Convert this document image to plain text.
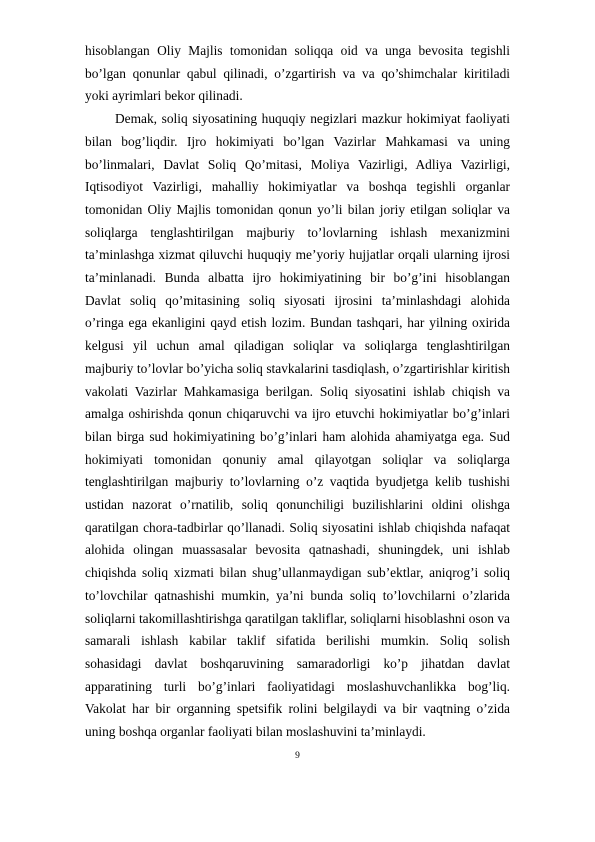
hisoblangan Oliy Majlis tomonidan soliqqa oid va unga bevosita tegishli bo’lgan qonunlar qabul qilinadi, o’zgartirish va va qo’shimchalar kiritiladi yoki ayrimlari bekor qilinadi.

Demak, soliq siyosatining huquqiy negizlari mazkur hokimiyat faoliyati bilan bog’liqdir. Ijro hokimiyati bo’lgan Vazirlar Mahkamasi va uning bo’linmalari, Davlat Soliq Qo’mitasi, Moliya Vazirligi, Adliya Vazirligi, Iqtisodiyot Vazirligi, mahalliy hokimiyatlar va boshqa tegishli organlar tomonidan Oliy Majlis tomonidan qonun yo’li bilan joriy etilgan soliqlar va soliqlarga tenglashtirilgan majburiy to’lovlarning ishlash mexanizmini ta’minlashga xizmat qiluvchi huquqiy me’yoriy hujjatlar orqali ularning ijrosi ta’minlanadi. Bunda albatta ijro hokimiyatining bir bo’g’ini hisoblangan Davlat soliq qo’mitasining soliq siyosati ijrosini ta’minlashdagi alohida o’ringa ega ekanligini qayd etish lozim. Bundan tashqari, har yilning oxirida kelgusi yil uchun amal qiladigan soliqlar va soliqlarga tenglashtirilgan majburiy to’lovlar bo’yicha soliq stavkalarini tasdiqlash, o’zgartirishlar kiritish vakolati Vazirlar Mahkamasiga berilgan. Soliq siyosatini ishlab chiqish va amalga oshirishda qonun chiqaruvchi va ijro etuvchi hokimiyatlar bo’g’inlari bilan birga sud hokimiyatining bo’g’inlari ham alohida ahamiyatga ega. Sud hokimiyati tomonidan qonuniy amal qilayotgan soliqlar va soliqlarga tenglashtirilgan majburiy to’lovlarning o’z vaqtida byudjetga kelib tushishi ustidan nazorat o’rnatilib, soliq qonunchiligi buzilishlarini oldini olishga qaratilgan chora-tadbirlar qo’llanadi. Soliq siyosatini ishlab chiqishda nafaqat alohida olingan muassasalar bevosita qatnashadi, shuningdek, uni ishlab chiqishda soliq xizmati bilan shug’ullanmaydigan sub’ektlar, aniqrog’i soliq to’lovchilar qatnashishi mumkin, ya’ni bunda soliq to’lovchilarni o’zlarida soliqlarni takomillashtirishga qaratilgan takliflar, soliqlarni hisoblashni oson va samarali ishlash kabilar taklif sifatida berilishi mumkin. Soliq solish sohasidagi davlat boshqaruvining samaradorligi ko’p jihatdan davlat apparatining turli bo’g’inlari faoliyatidagi moslashuvchanlikka bog’liq. Vakolat har bir organning spetsifik rolini belgilaydi va bir vaqtning o’zida uning boshqa organlar faoliyati bilan moslashuvini ta’minlaydi.

9
